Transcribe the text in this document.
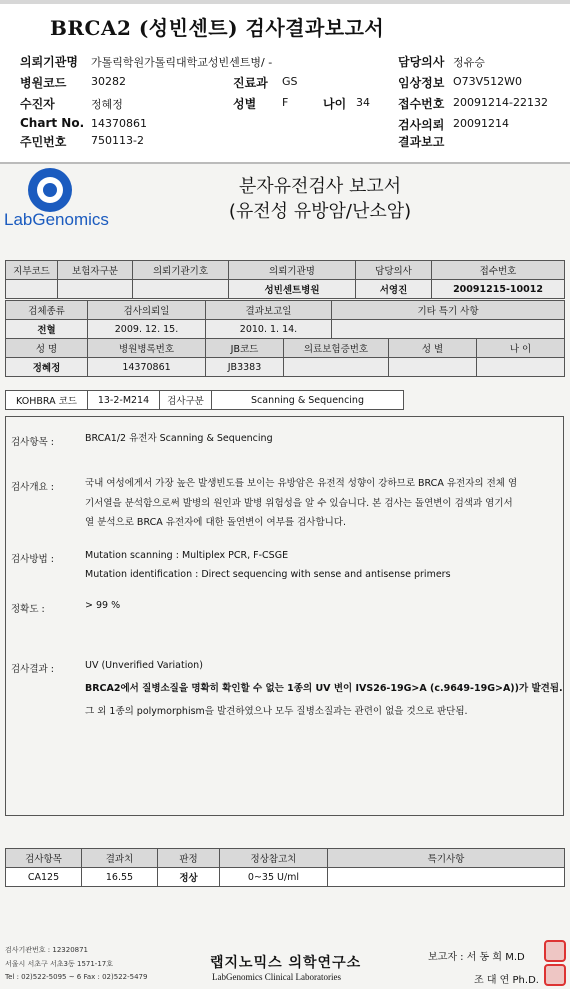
BRCA2 (성빈센트) 검사결과보고서
의뢰기관명 가톨릭학원가톨릭대학교성빈센트병/ -	담당의사 정유승
병원코드 30282	진료과 GS	임상정보 O73V512W0
수진자	정혜정	성별 F	나이 34 접수번호 20091214-22132
Chart No. 14370861	검사의뢰 20091214
주민번호 750113-2	결과보고
LabGenomics
분자유전검사 보고서
(유전성 유방암/난소암)
지부코드	보험자구분	의뢰기관기호	의뢰기관명	담당의사	접수번호
			성빈센트병원	서영진	20091215-10012
검체종류	검사의뢰일	결과보고일	기타 특기 사항
전혈	2009. 12. 15.	2010. 1. 14.	
성 명	병원병록번호	JB코드	의료보험증번호	성 별	나 이
정혜정	14370861	JB3383			
KOHBRA 코드	13-2-M214	검사구분	Scanning & Sequencing
검사항목 :	BRCA1/2 유전자 Scanning & Sequencing
검사개요 :	국내 여성에게서 가장 높은 발생빈도를 보이는 유방암은 유전적 성향이 강하므로 BRCA 유전자의 전체 염
기서열을 분석함으로써 발병의 원인과 발병 위험성을 알 수 있습니다. 본 검사는 돌연변이 검색과 염기서
열 분석으로 BRCA 유전자에 대한 돌연변이 여부를 검사합니다.
검사방법 :	Mutation scanning : Multiplex PCR, F-CSGE
Mutation identification : Direct sequencing with sense and antisense primers
정확도 :	> 99 %
검사결과 :	UV (Unverified Variation)
BRCA2에서 질병소질을 명확히 확인할 수 없는 1종의 UV 변이 IVS26-19G>A (c.9649-19G>A))가 발견됨.
그 외 1종의 polymorphism을 발견하였으나 모두 질병소질과는 관련이 없을 것으로 판단됨.
검사항목	결과치	판정	정상참고치	특기사항
CA125	16.55	정상	0~35 U/ml	
검사기관번호 : 12320871
서울시 서초구 서초3동 1571-17호
Tel : 02)522-5095 ~ 6 Fax : 02)522-5479
랩지노믹스 의학연구소
LabGenomics Clinical Laboratories
보고자 : 서 동 희 M.D
조 대 연 Ph.D.
